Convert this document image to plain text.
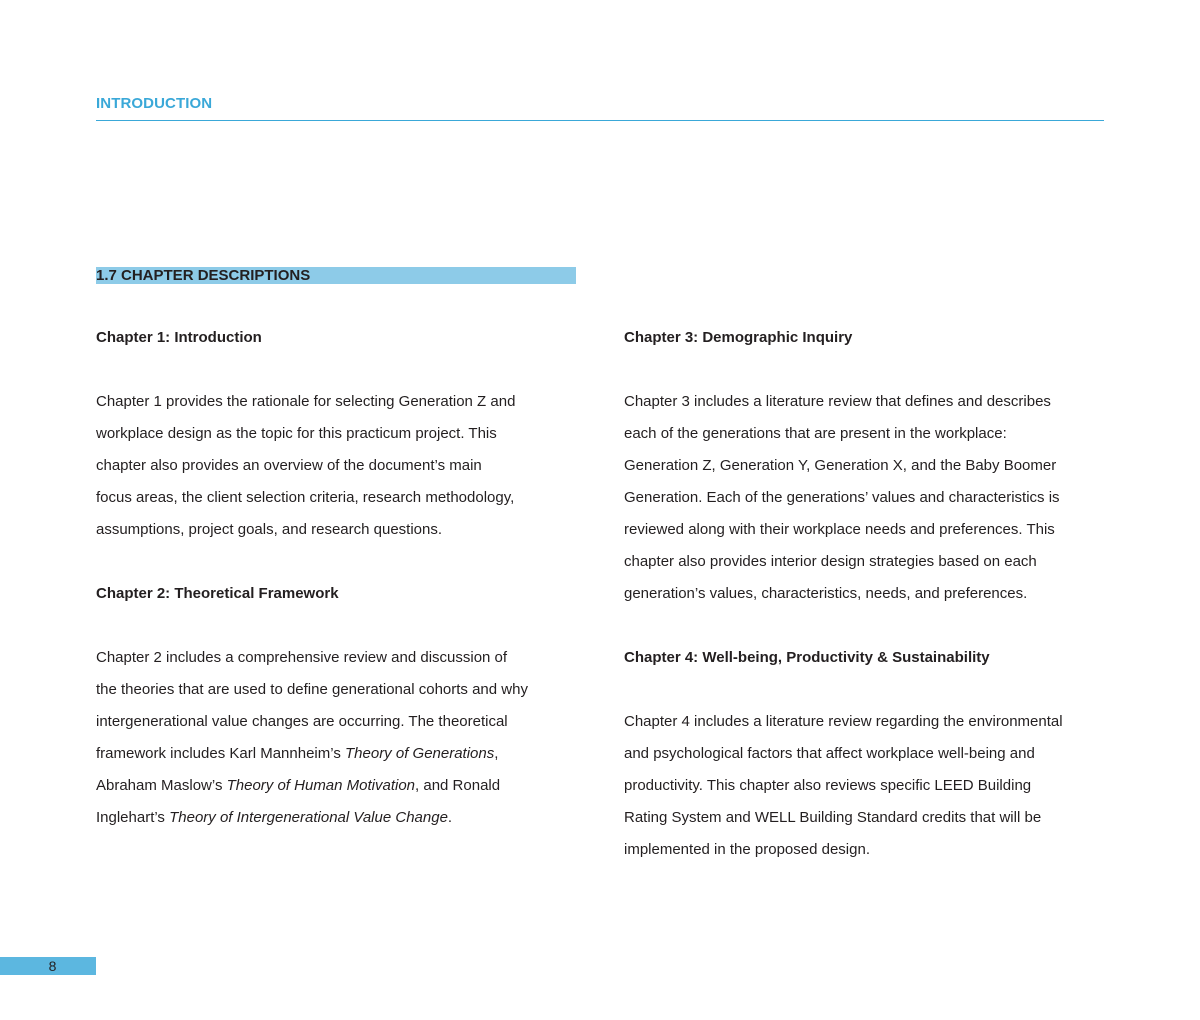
INTRODUCTION
1.7 CHAPTER DESCRIPTIONS

Chapter 1: Introduction

Chapter 1 provides the rationale for selecting Generation Z and
workplace design as the topic for this practicum project. This
chapter also provides an overview of the document’s main
focus areas, the client selection criteria, research methodology,
assumptions, project goals, and research questions.

Chapter 2: Theoretical Framework

Chapter 2 includes a comprehensive review and discussion of
the theories that are used to define generational cohorts and why
intergenerational value changes are occurring. The theoretical
framework includes Karl Mannheim’s Theory of Generations,
Abraham Maslow’s Theory of Human Motivation, and Ronald
Inglehart’s Theory of Intergenerational Value Change.

Chapter 3: Demographic Inquiry

Chapter 3 includes a literature review that defines and describes
each of the generations that are present in the workplace:
Generation Z, Generation Y, Generation X, and the Baby Boomer
Generation. Each of the generations’ values and characteristics is
reviewed along with their workplace needs and preferences. This
chapter also provides interior design strategies based on each
generation’s values, characteristics, needs, and preferences.

Chapter 4: Well-being, Productivity & Sustainability

Chapter 4 includes a literature review regarding the environmental
and psychological factors that affect workplace well-being and
productivity. This chapter also reviews specific LEED Building
Rating System and WELL Building Standard credits that will be
implemented in the proposed design.

8
